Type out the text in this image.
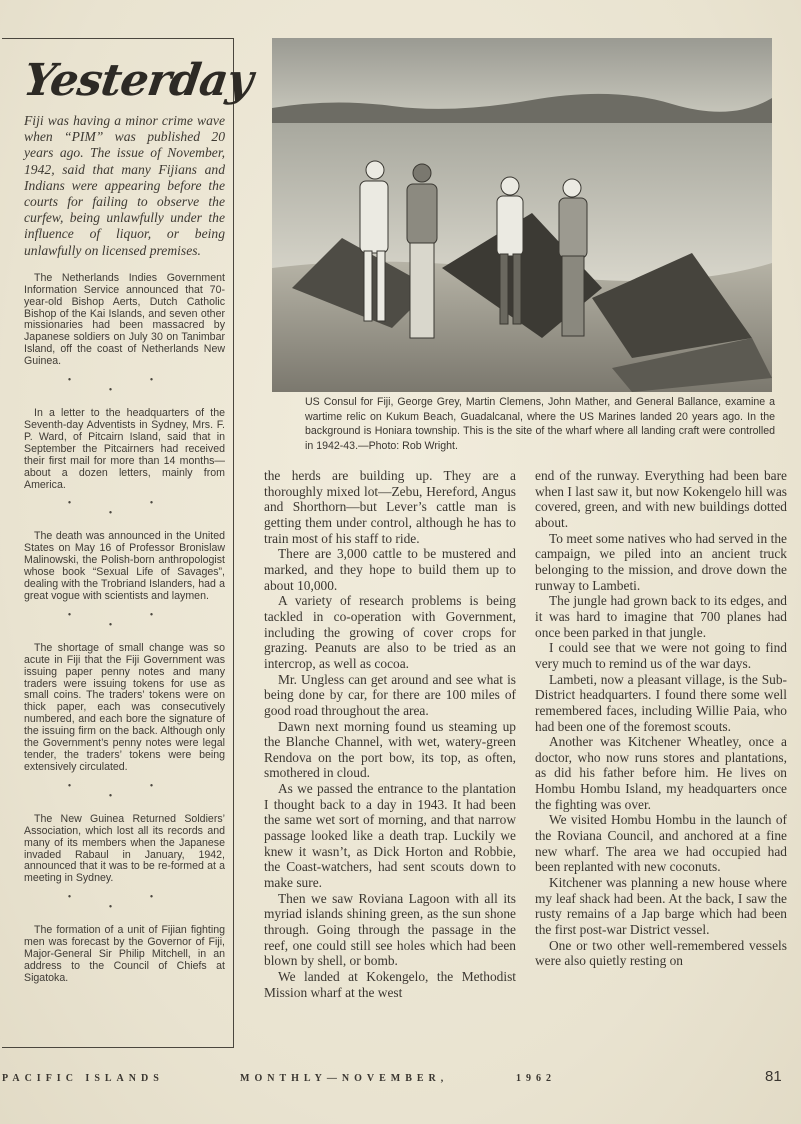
Yesterday

Fiji was having a minor crime wave when “PIM” was published 20 years ago. The issue of November, 1942, said that many Fijians and Indians were appearing before the courts for failing to observe the curfew, being unlawfully under the influence of liquor, or being unlawfully on licensed premises.

The Netherlands Indies Government Information Service announced that 70-year-old Bishop Aerts, Dutch Catholic Bishop of the Kai Islands, and seven other missionaries had been massacred by Japanese soldiers on July 30 on Tanimbar Island, off the coast of Netherlands New Guinea.

• • •

In a letter to the headquarters of the Seventh-day Adventists in Sydney, Mrs. F. P. Ward, of Pitcairn Island, said that in September the Pitcairners had received their first mail for more than 14 months—about a dozen letters, mainly from America.

• • •

The death was announced in the United States on May 16 of Professor Bronislaw Malinowski, the Polish-born anthropologist whose book “Sexual Life of Savages”, dealing with the Trobriand Islanders, had a great vogue with scientists and laymen.

• • •

The shortage of small change was so acute in Fiji that the Fiji Government was issuing paper penny notes and many traders were issuing tokens for use as small coins. The traders’ tokens were on thick paper, each was consecutively numbered, and each bore the signature of the issuing firm on the back. Although only the Government’s penny notes were legal tender, the traders’ tokens were being extensively circulated.

• • •

The New Guinea Returned Soldiers’ Association, which lost all its records and many of its members when the Japanese invaded Rabaul in January, 1942, announced that it was to be re-formed at a meeting in Sydney.

• • •

The formation of a unit of Fijian fighting men was forecast by the Governor of Fiji, Major-General Sir Philip Mitchell, in an address to the Council of Chiefs at Sigatoka.

US Consul for Fiji, George Grey, Martin Clemens, John Mather, and General Ballance, examine a wartime relic on Kukum Beach, Guadalcanal, where the US Marines landed 20 years ago. In the background is Honiara township. This is the site of the wharf where all landing craft were controlled in 1942-43.—Photo: Rob Wright.

the herds are building up. They are a thoroughly mixed lot—Zebu, Hereford, Angus and Shorthorn—but Lever’s cattle man is getting them under control, although he has to train most of his staff to ride.

There are 3,000 cattle to be mustered and marked, and they hope to build them up to about 10,000.

A variety of research problems is being tackled in co-operation with Government, including the growing of cover crops for grazing. Peanuts are also to be tried as an intercrop, as well as cocoa.

Mr. Ungless can get around and see what is being done by car, for there are 100 miles of good road throughout the area.

Dawn next morning found us steaming up the Blanche Channel, with wet, watery-green Rendova on the port bow, its top, as often, smothered in cloud.

As we passed the entrance to the plantation I thought back to a day in 1943. It had been the same wet sort of morning, and that narrow passage looked like a death trap. Luckily we knew it wasn’t, as Dick Horton and Robbie, the Coast-watchers, had sent scouts down to make sure.

Then we saw Roviana Lagoon with all its myriad islands shining green, as the sun shone through. Going through the passage in the reef, one could still see holes which had been blown by shell, or bomb.

We landed at Kokengelo, the Methodist Mission wharf at the west

end of the runway. Everything had been bare when I last saw it, but now Kokengelo hill was covered, green, and with new buildings dotted about.

To meet some natives who had served in the campaign, we piled into an ancient truck belonging to the mission, and drove down the runway to Lambeti.

The jungle had grown back to its edges, and it was hard to imagine that 700 planes had once been parked in that jungle.

I could see that we were not going to find very much to remind us of the war days.

Lambeti, now a pleasant village, is the Sub-District headquarters. I found there some well remembered faces, including Willie Paia, who had been one of the foremost scouts.

Another was Kitchener Wheatley, once a doctor, who now runs stores and plantations, as did his father before him. He lives on Hombu Hombu Island, my headquarters once the fighting was over.

We visited Hombu Hombu in the launch of the Roviana Council, and anchored at a fine new wharf. The area we had occupied had been replanted with new coconuts.

Kitchener was planning a new house where my leaf shack had been. At the back, I saw the rusty remains of a Jap barge which had been the first post-war District vessel.

One or two other well-remembered vessels were also quietly resting on

PACIFIC ISLANDS	MONTHLY—NOVEMBER,	1962	81
